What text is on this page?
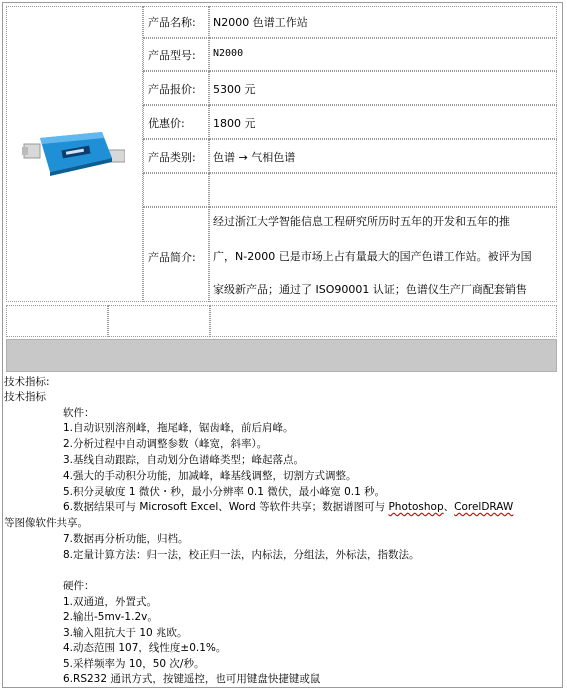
产品名称: N2000 色谱工作站
产品型号: N2000
产品报价: 5300 元
优惠价:	1800 元
产品类别: 色谱 → 气相色谱
产品简介:
经过浙江大学智能信息工程研究所历时五年的开发和五年的推
广，N-2000 已是市场上占有量最大的国产色谱工作站。被评为国
家级新产品；通过了 ISO90001 认证；色谱仪生产厂商配套销售
技术指标:
技术指标
软件：
1.自动识别溶剂峰，拖尾峰，锯齿峰，前后肩峰。
2.分析过程中自动调整参数（峰宽，斜率）。
3.基线自动跟踪，自动划分色谱峰类型；峰起落点。
4.强大的手动积分功能，加减峰，峰基线调整，切割方式调整。
5.积分灵敏度 1 微伏・秒，最小分辨率 0.1 微伏，最小峰宽 0.1 秒。
6.数据结果可与 Microsoft Excel、Word 等软件共享；数据谱图可与 Photoshop、CorelDRAW
等图像软件共享。
7.数据再分析功能，归档。
8.定量计算方法：归一法，校正归一法，内标法，分组法，外标法，指数法。
硬件：
1.双通道，外置式。
2.输出-5mv-1.2v。
3.输入阻抗大于 10 兆欧。
4.动态范围 107，线性度±0.1%。
5.采样频率为 10，50 次/秒。
6.RS232 通讯方式，按键遥控，也可用键盘快捷键或鼠
